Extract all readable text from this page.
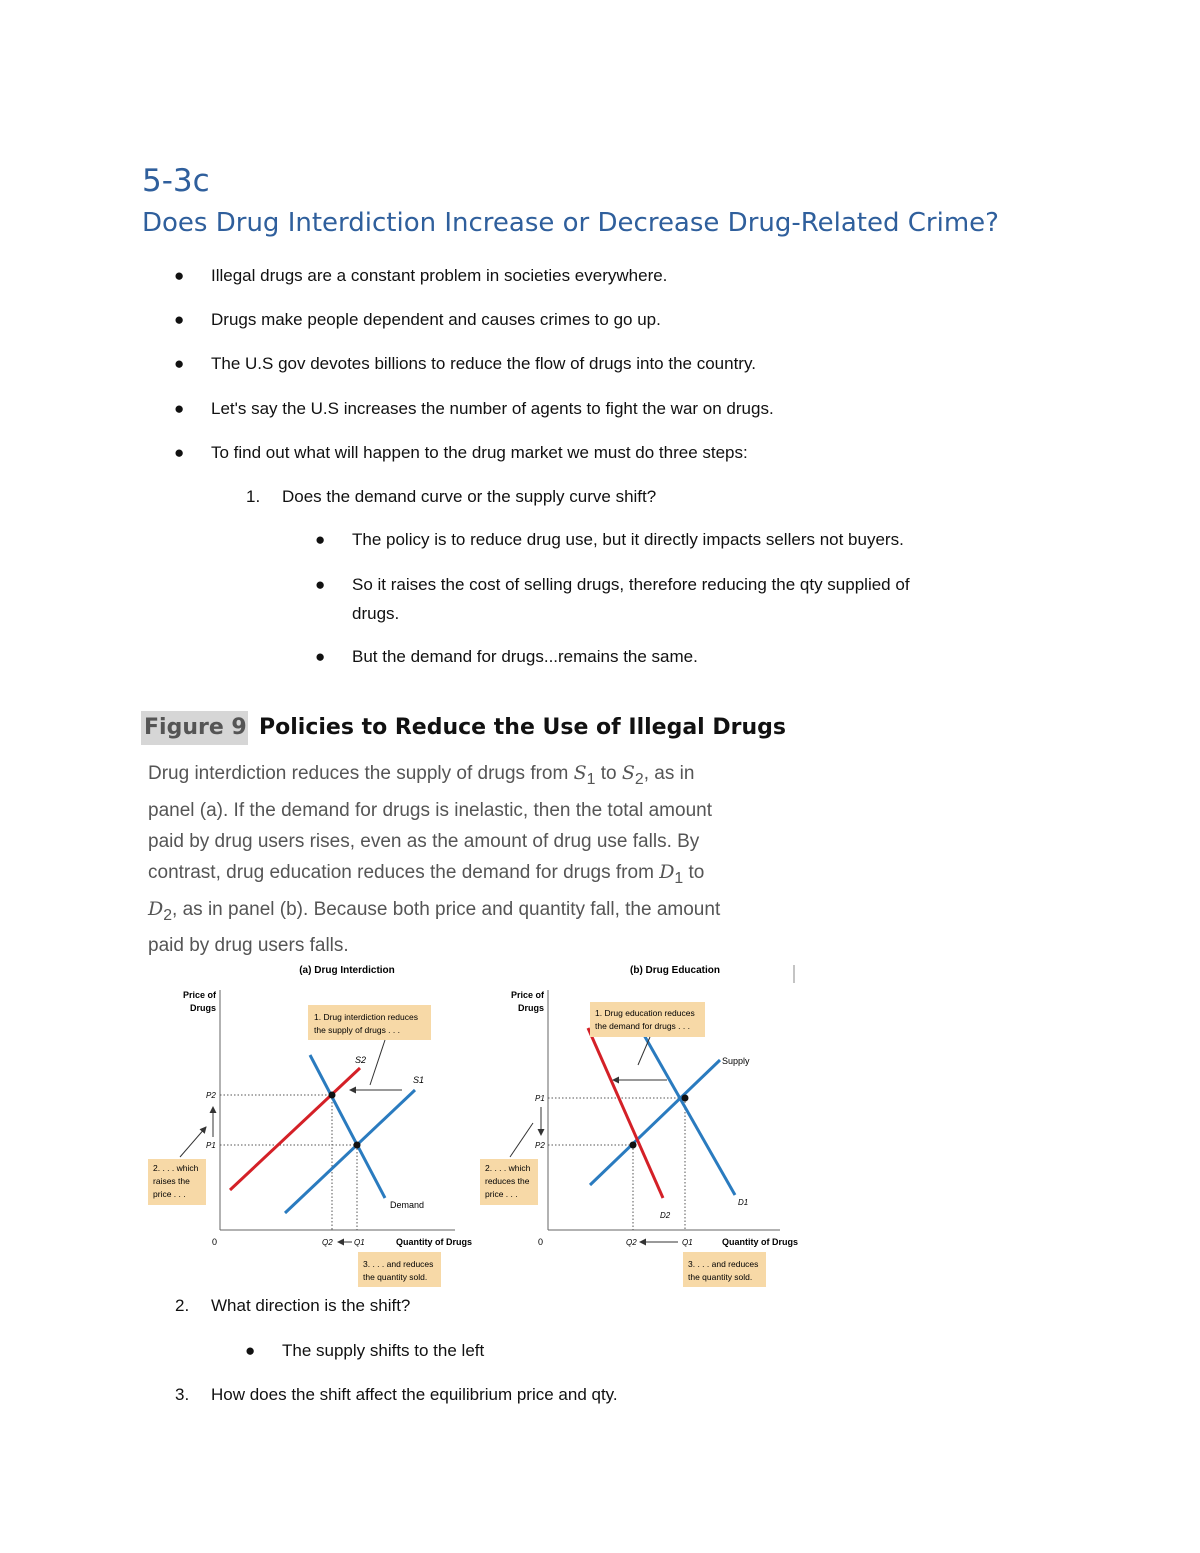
5-3c
Does Drug Interdiction Increase or Decrease Drug-Related Crime?
● Illegal drugs are a constant problem in societies everywhere.
● Drugs make people dependent and causes crimes to go up.
● The U.S gov devotes billions to reduce the flow of drugs into the country.
● Let's say the U.S increases the number of agents to fight the war on drugs.
● To find out what will happen to the drug market we must do three steps:
1. Does the demand curve or the supply curve shift?
● The policy is to reduce drug use, but it directly impacts sellers not buyers.
● So it raises the cost of selling drugs, therefore reducing the qty supplied of
drugs.
● But the demand for drugs...remains the same.
Figure 9 Policies to Reduce the Use of Illegal Drugs
Drug interdiction reduces the supply of drugs from $S_1$ to $S_2$, as in
panel (a). If the demand for drugs is inelastic, then the total amount
paid by drug users rises, even as the amount of drug use falls. By
contrast, drug education reduces the demand for drugs from $D_1$ to
$D_2$, as in panel (b). Because both price and quantity fall, the amount
paid by drug users falls.
(a) Drug Interdiction
Price of
Drugs
0	Quantity of Drugs
S2
S1
Demand
P2
P1
Q2	Q1
1. Drug interdiction reduces
the supply of drugs . . .
2. . . . which
raises the
price . . .
3. . . . and reduces
the quantity sold.
(b) Drug Education
Price of
Drugs
0	Quantity of Drugs
Supply
D1
D2
P1
P2
Q2	Q1
1. Drug education reduces
the demand for drugs . . .
2. . . . which
reduces the
price . . .
3. . . . and reduces
the quantity sold.
2. What direction is the shift?
● The supply shifts to the left
3. How does the shift affect the equilibrium price and qty.
